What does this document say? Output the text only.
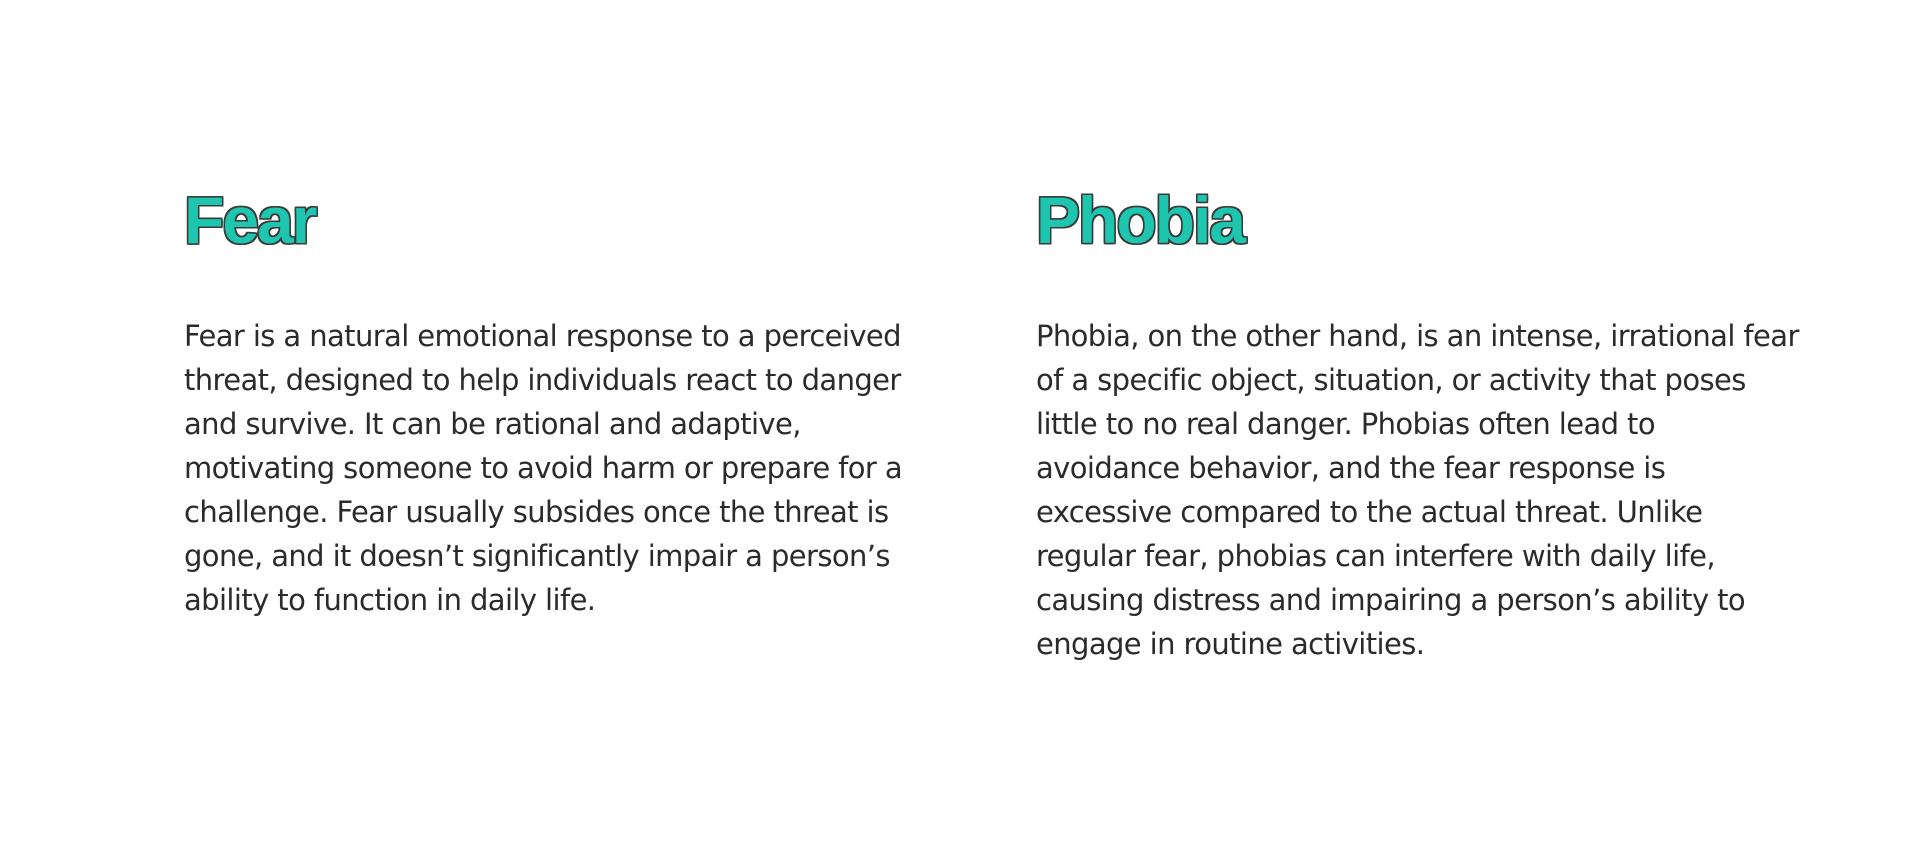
Fear

Fear is a natural emotional response to a perceived threat, designed to help individuals react to danger and survive. It can be rational and adaptive, motivating someone to avoid harm or prepare for a challenge. Fear usually subsides once the threat is gone, and it doesn’t significantly impair a person’s ability to function in daily life.

Phobia

Phobia, on the other hand, is an intense, irrational fear of a specific object, situation, or activity that poses little to no real danger. Phobias often lead to avoidance behavior, and the fear response is excessive compared to the actual threat. Unlike regular fear, phobias can interfere with daily life, causing distress and impairing a person’s ability to engage in routine activities.
